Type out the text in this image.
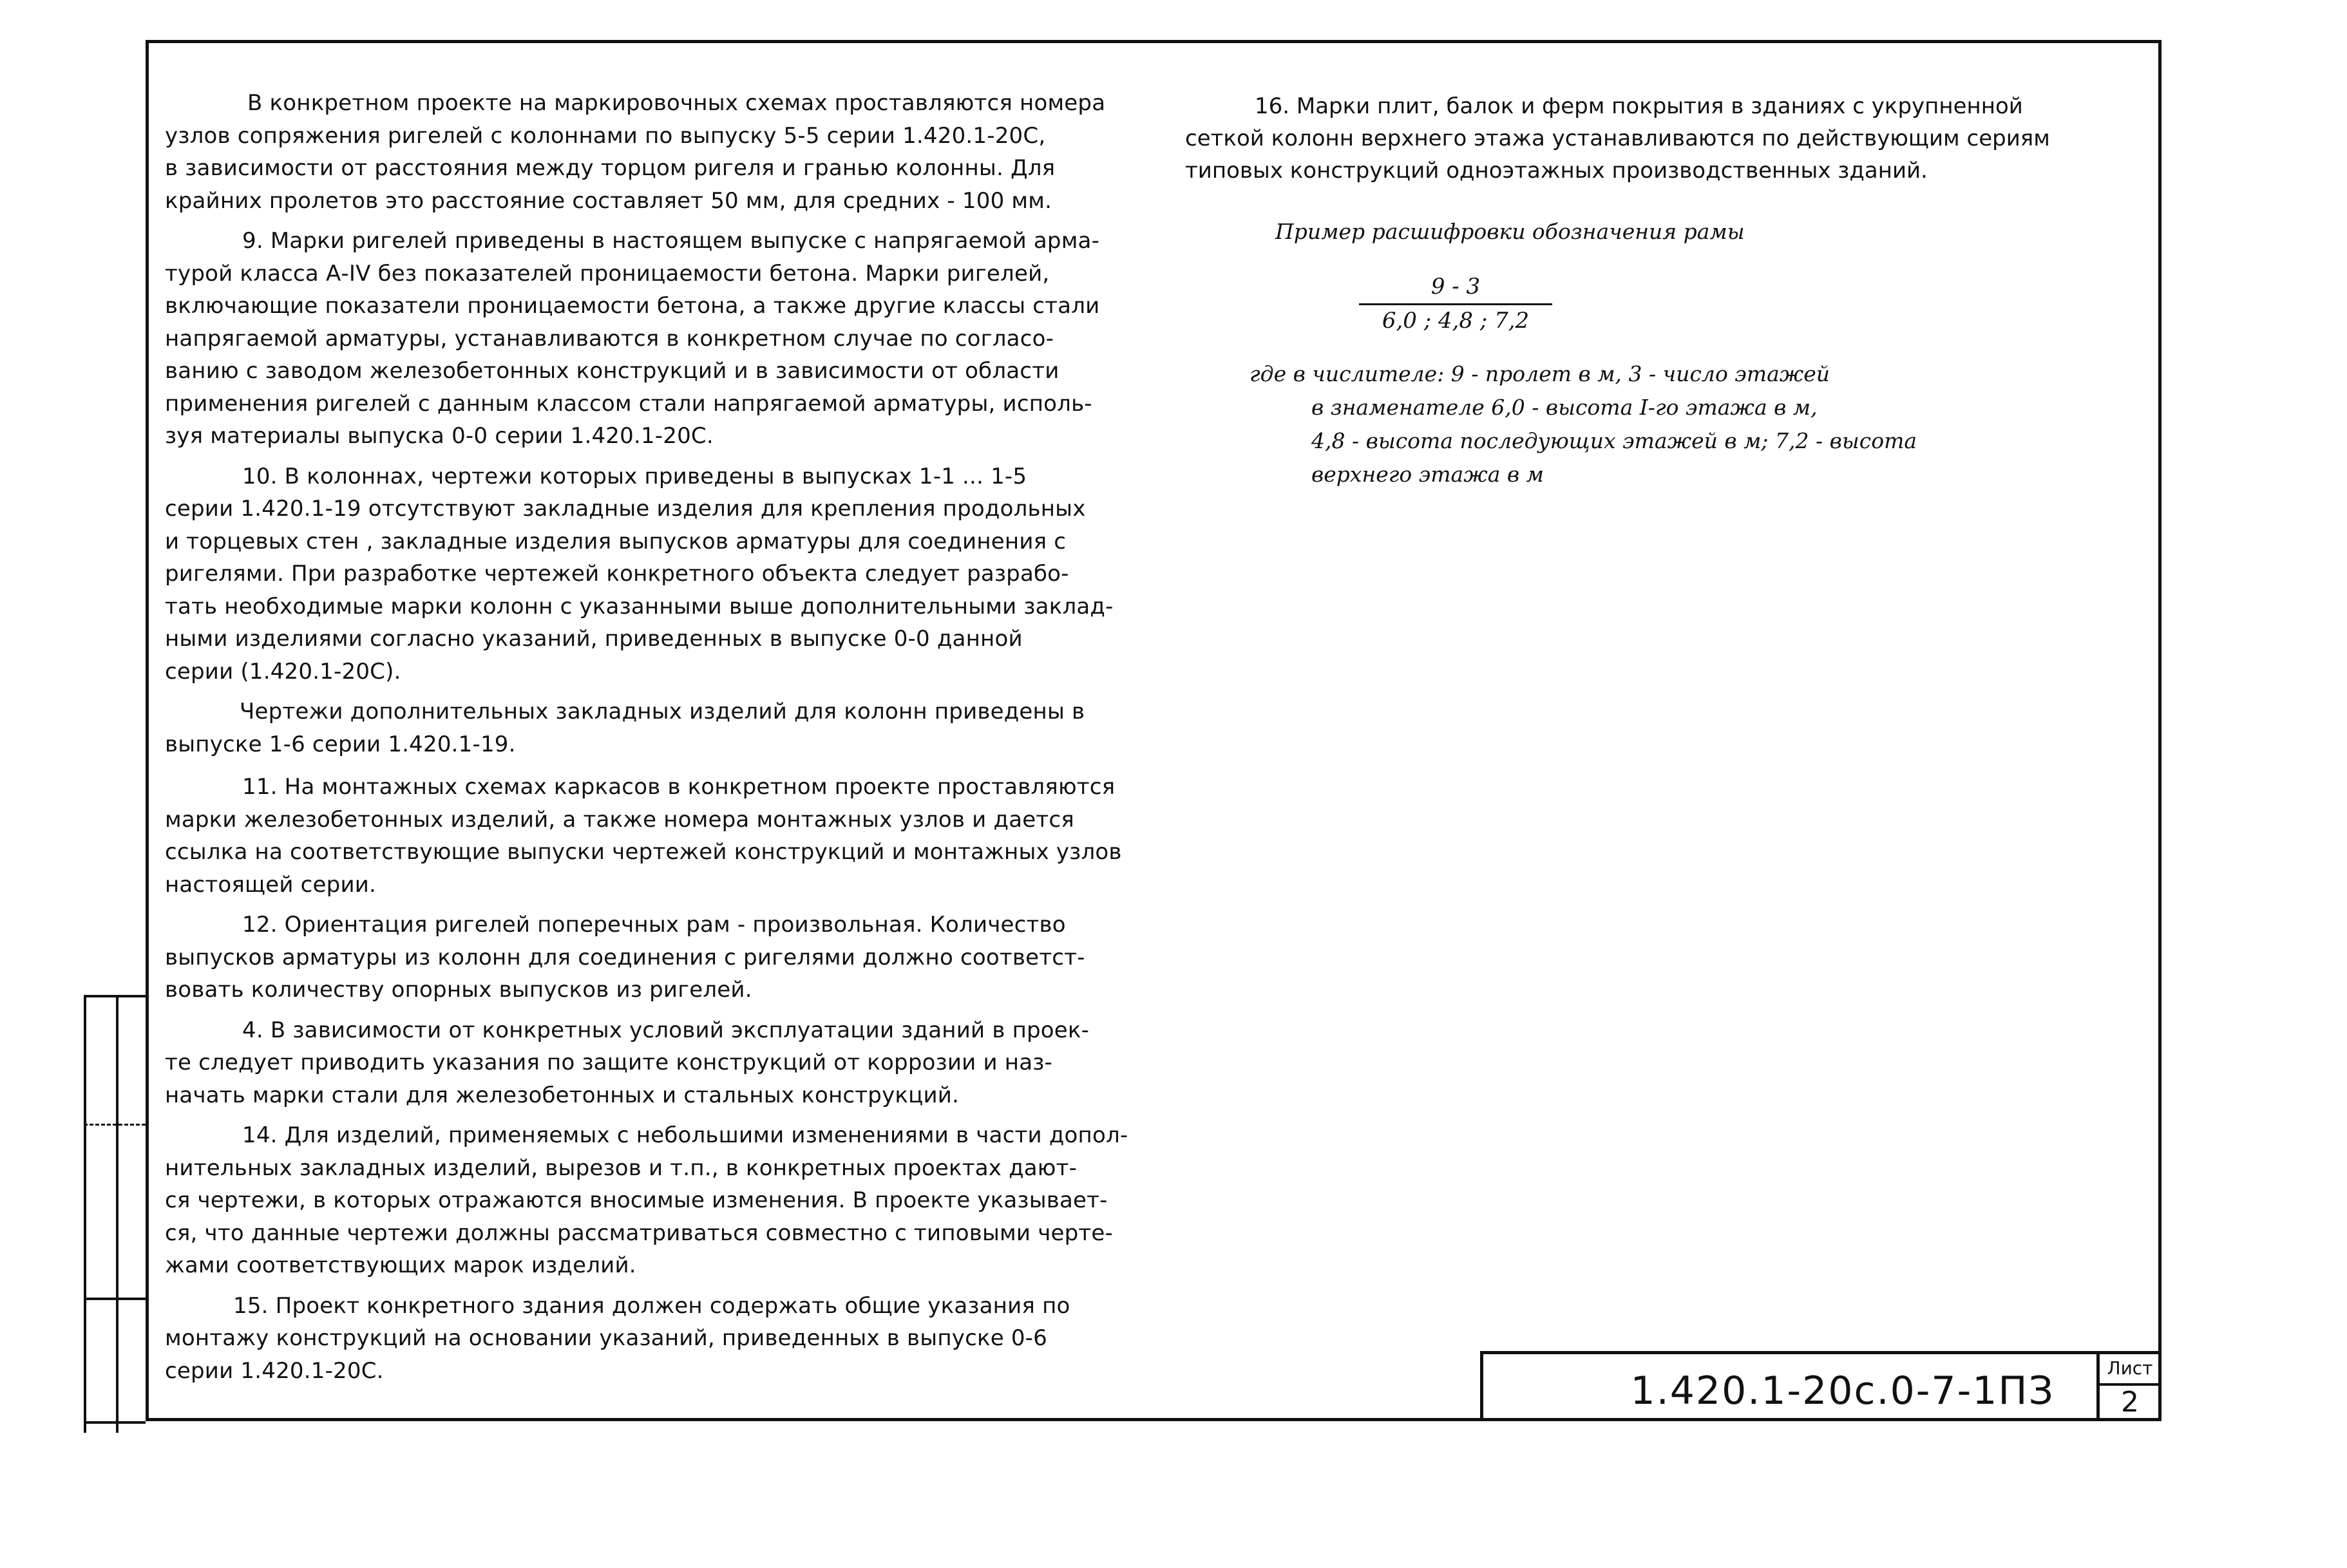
В конкретном проекте на маркировочных схемах проставляются номера
узлов сопряжения ригелей с колоннами по выпуску 5-5 серии 1.420.1-20С,
в зависимости от расстояния между торцом ригеля и гранью колонны. Для
крайних пролетов это расстояние составляет 50 мм, для средних - 100 мм.

9. Марки ригелей приведены в настоящем выпуске с напрягаемой арма-
турой класса А-IV без показателей проницаемости бетона. Марки ригелей,
включающие показатели проницаемости бетона, а также другие классы стали
напрягаемой арматуры, устанавливаются в конкретном случае по согласо-
ванию с заводом железобетонных конструкций и в зависимости от области
применения ригелей с данным классом стали напрягаемой арматуры, исполь-
зуя материалы выпуска 0-0 серии 1.420.1-20С.

10. В колоннах, чертежи которых приведены в выпусках 1-1 ... 1-5
серии 1.420.1-19 отсутствуют закладные изделия для крепления продольных
и торцевых стен , закладные изделия выпусков арматуры для соединения с
ригелями. При разработке чертежей конкретного объекта следует разрабо-
тать необходимые марки колонн с указанными выше дополнительными заклад-
ными изделиями согласно указаний, приведенных в выпуске 0-0 данной
серии (1.420.1-20С).

Чертежи дополнительных закладных изделий для колонн приведены в
выпуске 1-6 серии 1.420.1-19.

11. На монтажных схемах каркасов в конкретном проекте проставляются
марки железобетонных изделий, а также номера монтажных узлов и дается
ссылка на соответствующие выпуски чертежей конструкций и монтажных узлов
настоящей серии.

12. Ориентация ригелей поперечных рам - произвольная. Количество
выпусков арматуры из колонн для соединения с ригелями должно соответст-
вовать количеству опорных выпусков из ригелей.

4. В зависимости от конкретных условий эксплуатации зданий в проек-
те следует приводить указания по защите конструкций от коррозии и наз-
начать марки стали для железобетонных и стальных конструкций.

14. Для изделий, применяемых с небольшими изменениями в части допол-
нительных закладных изделий, вырезов и т.п., в конкретных проектах дают-
ся чертежи, в которых отражаются вносимые изменения. В проекте указывает-
ся, что данные чертежи должны рассматриваться совместно с типовыми черте-
жами соответствующих марок изделий.

15. Проект конкретного здания должен содержать общие указания по
монтажу конструкций на основании указаний, приведенных в выпуске 0-6
серии 1.420.1-20С.

16. Марки плит, балок и ферм покрытия в зданиях с укрупненной
сеткой колонн верхнего этажа устанавливаются по действующим сериям
типовых конструкций одноэтажных производственных зданий.
Пример расшифровки обозначения рамы
$\frac{9 - 3}{6,0 ; 4,8 ; 7,2}$
где в числителе: 9 - пролет в м, 3 - число этажей
в знаменателе 6,0 - высота I-го этажа в м,
4,8 - высота последующих этажей в м; 7,2 - высота
верхнего этажа в м
1.420.1-20с.0-7-1ПЗ
Лист
2
